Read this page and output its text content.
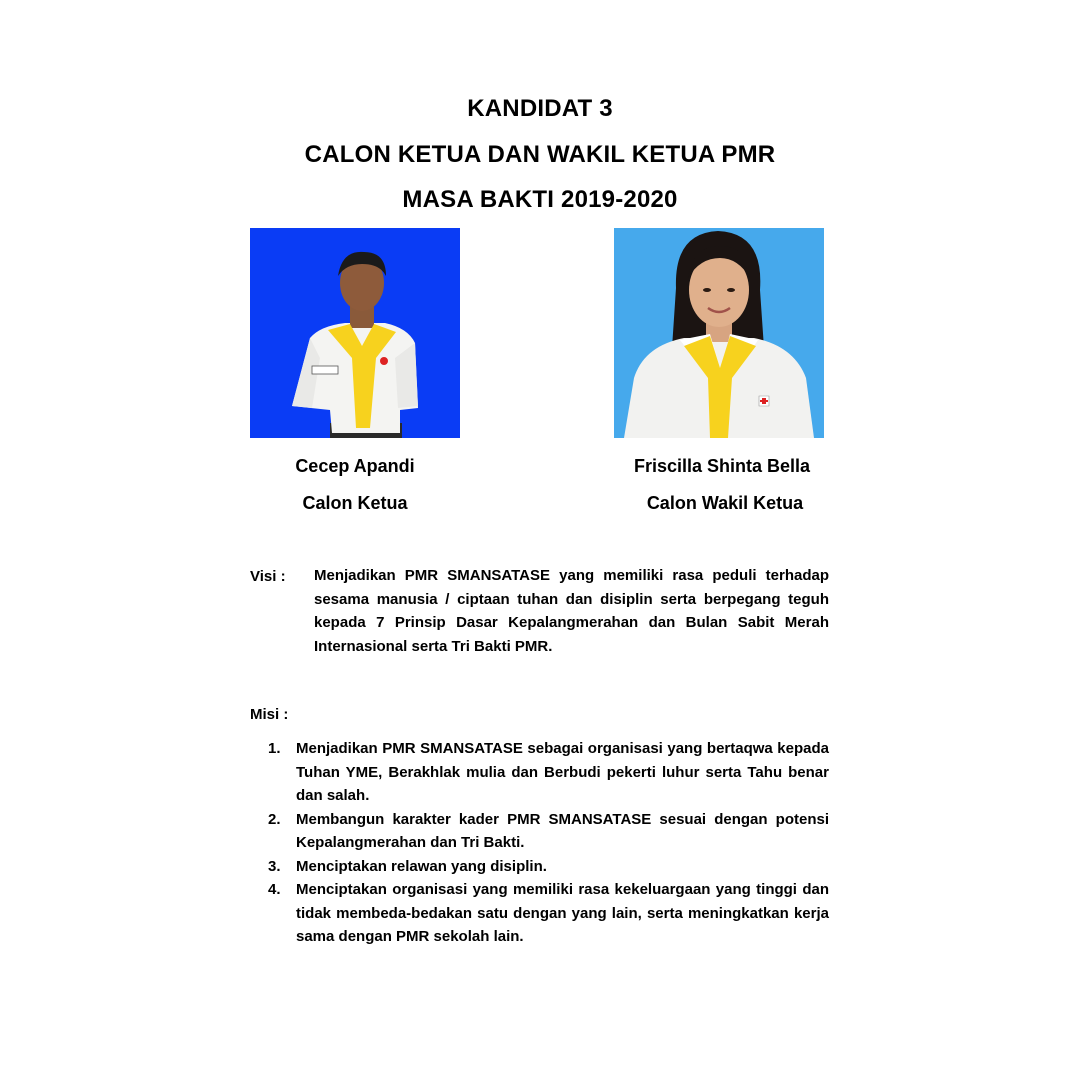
KANDIDAT 3
CALON KETUA DAN WAKIL KETUA PMR
MASA BAKTI 2019-2020
Cecep Apandi
Calon Ketua
Friscilla Shinta Bella
Calon Wakil Ketua
Visi : Menjadikan PMR SMANSATASE yang memiliki rasa peduli terhadap sesama manusia / ciptaan tuhan dan disiplin serta berpegang teguh kepada 7 Prinsip Dasar Kepalangmerahan dan Bulan Sabit Merah Internasional serta Tri Bakti PMR.

Misi :
1.	Menjadikan PMR SMANSATASE sebagai organisasi yang bertaqwa kepada Tuhan YME, Berakhlak mulia dan Berbudi pekerti luhur serta Tahu benar dan salah.
2.	Membangun karakter kader PMR SMANSATASE sesuai dengan potensi Kepalangmerahan dan Tri Bakti.
3.	Menciptakan relawan yang disiplin.
4.	Menciptakan organisasi yang memiliki rasa kekeluargaan yang tinggi dan tidak membeda-bedakan satu dengan yang lain, serta meningkatkan kerja sama dengan PMR sekolah lain.
